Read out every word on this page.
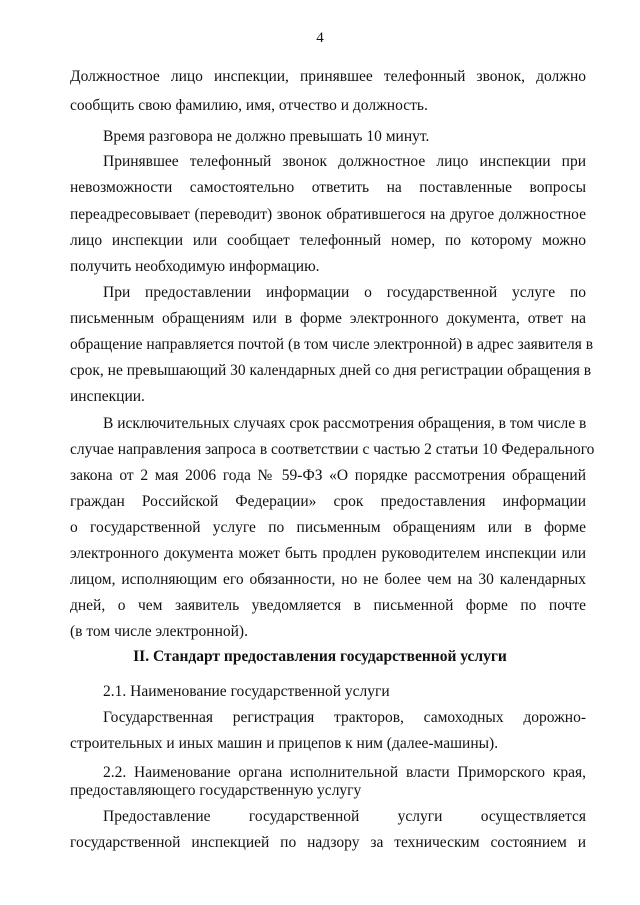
4
Должностное лицо инспекции, принявшее телефонный звонок, должно
сообщить свою фамилию, имя, отчество и должность.
Время разговора не должно превышать 10 минут.
Принявшее телефонный звонок должностное лицо инспекции при
невозможности самостоятельно ответить на поставленные вопросы
переадресовывает (переводит) звонок обратившегося на другое должностное
лицо инспекции или сообщает телефонный номер, по которому можно
получить необходимую информацию.
При предоставлении информации о государственной услуге по
письменным обращениям или в форме электронного документа, ответ на
обращение направляется почтой (в том числе электронной) в адрес заявителя в
срок, не превышающий 30 календарных дней со дня регистрации обращения в
инспекции.
В исключительных случаях срок рассмотрения обращения, в том числе в
случае направления запроса в соответствии с частью 2 статьи 10 Федерального
закона от 2 мая 2006 года № 59-ФЗ «О порядке рассмотрения обращений
граждан Российской Федерации» срок предоставления информации
о государственной услуге по письменным обращениям или в форме
электронного документа может быть продлен руководителем инспекции или
лицом, исполняющим его обязанности, но не более чем на 30 календарных
дней, о чем заявитель уведомляется в письменной форме по почте
(в том числе электронной).
II. Стандарт предоставления государственной услуги
2.1. Наименование государственной услуги
Государственная регистрация тракторов, самоходных дорожно-
строительных и иных машин и прицепов к ним (далее-машины).
2.2. Наименование органа исполнительной власти Приморского края,
предоставляющего государственную услугу
Предоставление государственной услуги осуществляется
государственной инспекцией по надзору за техническим состоянием и
